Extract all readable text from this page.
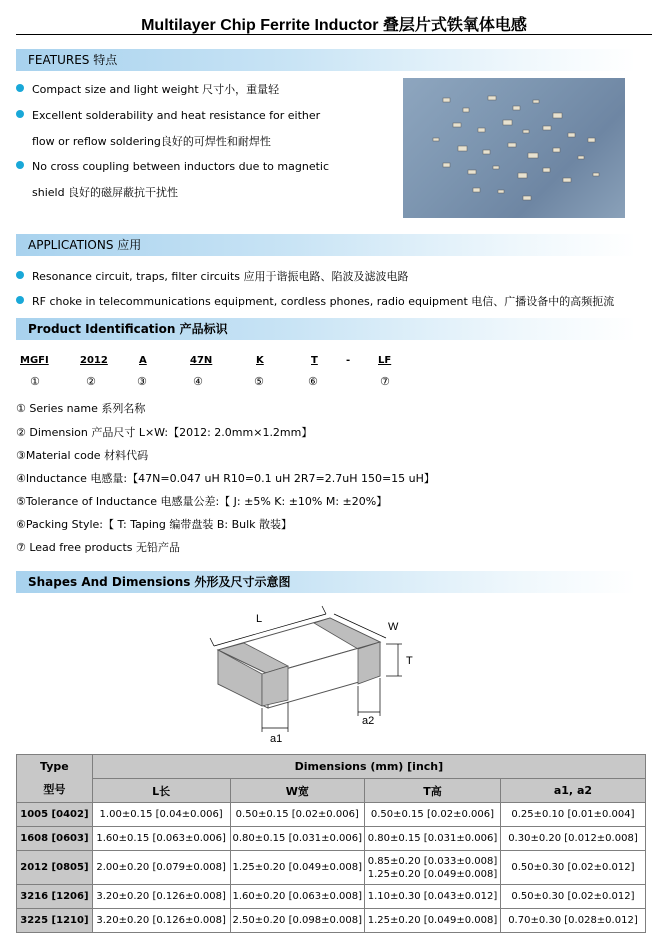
Multilayer Chip Ferrite Inductor 叠层片式铁氧体电感
FEATURES 特点
Compact size and light weight 尺寸小，重量轻
Excellent solderability and heat resistance for either
flow or reflow soldering良好的可焊性和耐焊性
No cross coupling between inductors due to magnetic
shield 良好的磁屏蔽抗干扰性
APPLICATIONS 应用
Resonance circuit, traps, filter circuits 应用于谐振电路、陷波及滤波电路
RF choke in telecommunications equipment, cordless phones, radio equipment 电信、广播设备中的高频扼流
Product Identification 产品标识
MGFI	2012	A	47N	K	T	-	LF
①	②	③	④	⑤	⑥	⑦
① Series name 系列名称
② Dimension 产品尺寸 L×W:【2012: 2.0mm×1.2mm】
③Material code 材料代码
④Inductance 电感量:【47N=0.047 uH R10=0.1 uH 2R7=2.7uH 150=15 uH】
⑤Tolerance of Inductance 电感量公差:【 J: ±5% K: ±10% M: ±20%】
⑥Packing Style:【 T: Taping 编带盘装 B: Bulk 散装】
⑦ Lead free products 无铅产品
Shapes And Dimensions 外形及尺寸示意图
L
W
T
a2
a1
Type
型号	Dimensions (mm) [inch]			
	L长	W宽	T高	a1, a2
1005 [0402]	1.00±0.15 [0.04±0.006]	0.50±0.15 [0.02±0.006]	0.50±0.15 [0.02±0.006]	0.25±0.10 [0.01±0.004]
1608 [0603]	1.60±0.15 [0.063±0.006]	0.80±0.15 [0.031±0.006]	0.80±0.15 [0.031±0.006]	0.30±0.20 [0.012±0.008]
2012 [0805]	2.00±0.20 [0.079±0.008]	1.25±0.20 [0.049±0.008]	0.85±0.20 [0.033±0.008]
1.25±0.20 [0.049±0.008]	0.50±0.30 [0.02±0.012]
3216 [1206]	3.20±0.20 [0.126±0.008]	1.60±0.20 [0.063±0.008]	1.10±0.30 [0.043±0.012]	0.50±0.30 [0.02±0.012]
3225 [1210]	3.20±0.20 [0.126±0.008]	2.50±0.20 [0.098±0.008]	1.25±0.20 [0.049±0.008]	0.70±0.30 [0.028±0.012]
